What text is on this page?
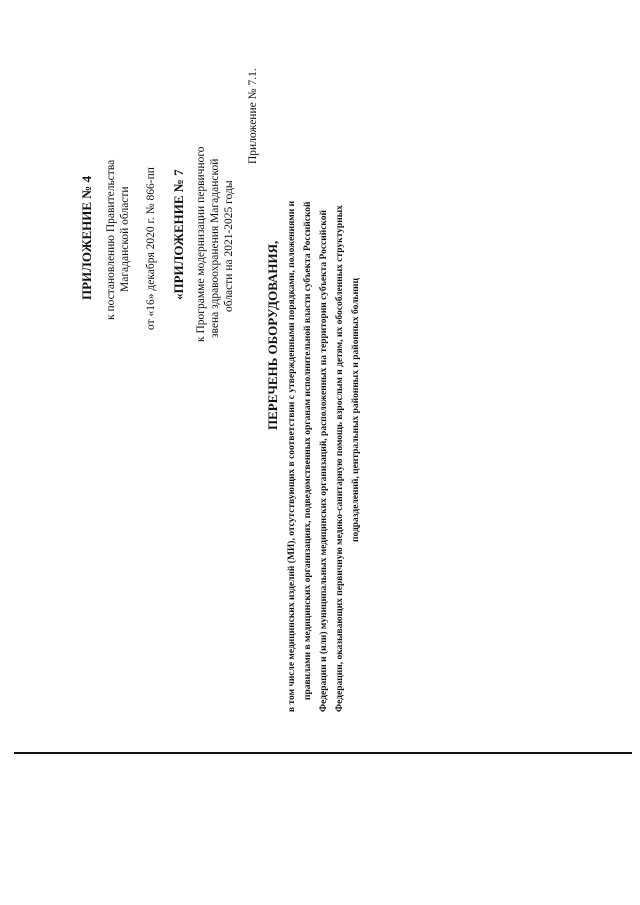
ПРИЛОЖЕНИЕ № 4 к постановлению Правительства Магаданской области от «16» декабря 2020 г. № 866-пп «ПРИЛОЖЕНИЕ № 7 к Программе модернизации первичного звена здравоохранения Магаданской области на 2021-2025 годы
Приложение № 7.1.
ПЕРЕЧЕНЬ ОБОРУДОВАНИЯ, в том числе медицинских изделий (МИ), отсутствующих в соответствии с утвержденными порядками, положениями и правилами в медицинских организациях, подведомственных органам исполнительной власти субъекта Российской Федерации и (или) муниципальных медицинских организаций, расположенных на территории субъекта Российской Федерации, оказывающих первичную медико-санитарную помощь взрослым и детям, их обособленных структурных подразделений, центральных районных и районных больниц
